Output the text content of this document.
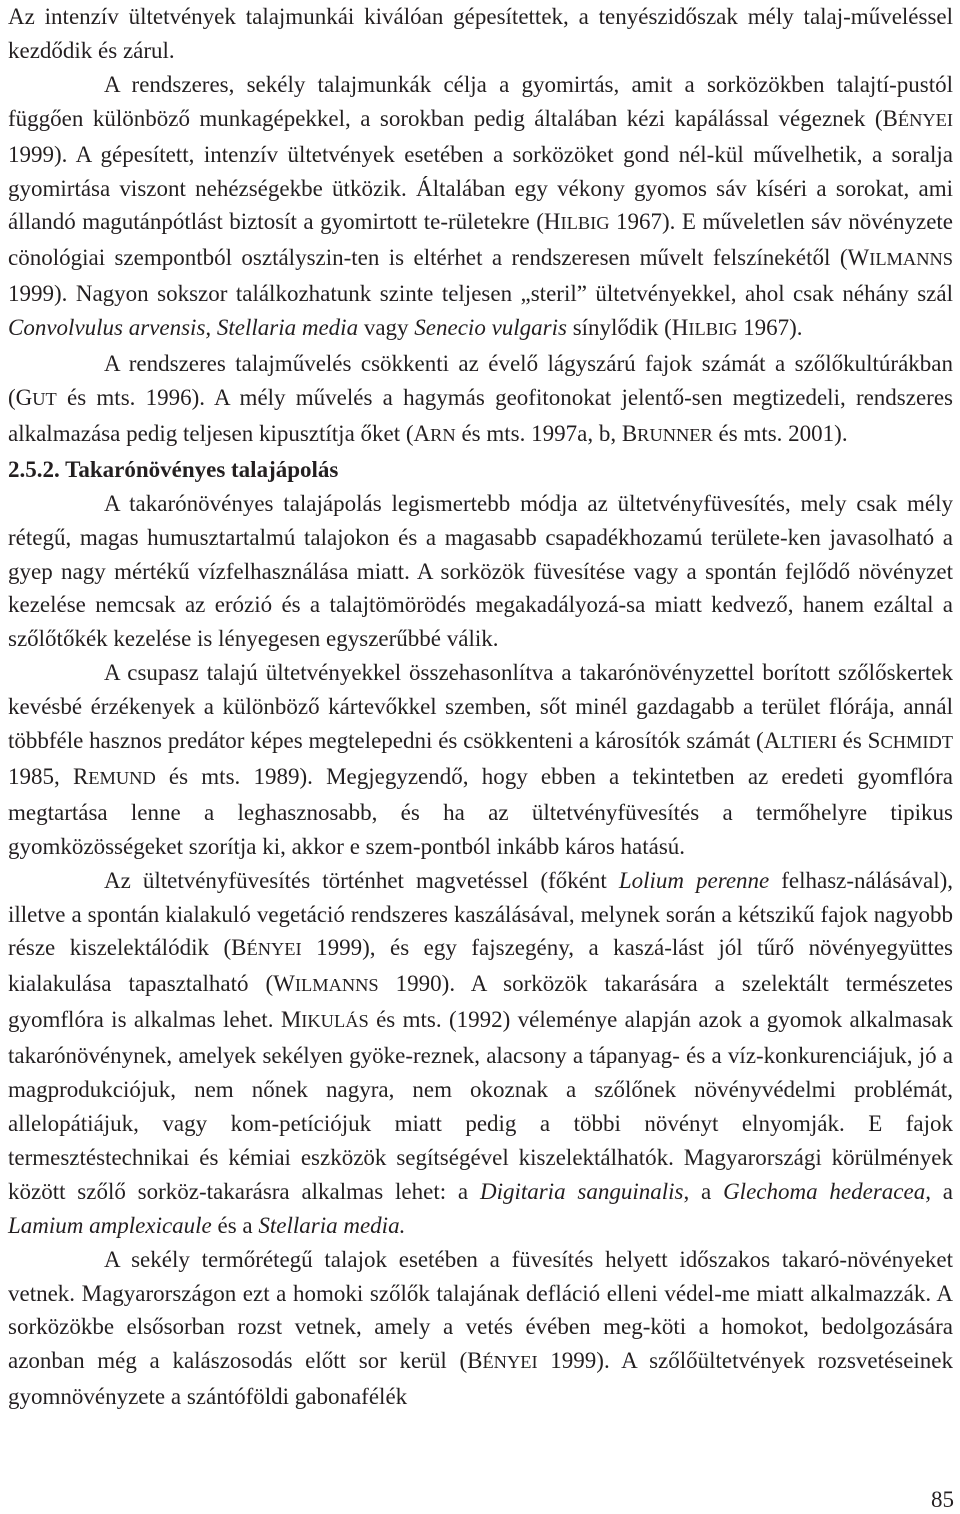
Az intenzív ültetvények talajmunkái kiválóan gépesítettek, a tenyészidőszak mély talaj-műveléssel kezdődik és zárul.

A rendszeres, sekély talajmunkák célja a gyomirtás, amit a sorközökben talajtí-pustól függően különböző munkagépekkel, a sorokban pedig általában kézi kapálással végeznek (BÉNYEI 1999). A gépesített, intenzív ültetvények esetében a sorközöket gond nél-kül művelhetik, a soralja gyomirtása viszont nehézségekbe ütközik. Általában egy vékony gyomos sáv kíséri a sorokat, ami állandó magutánpótlást biztosít a gyomirtott te-rületekre (HILBIG 1967). E műveletlen sáv növényzete cönológiai szempontból osztályszin-ten is eltérhet a rendszeresen művelt felszínekétől (WILMANNS 1999). Nagyon sokszor találkozhatunk szinte teljesen „steril” ültetvényekkel, ahol csak néhány szál Convolvulus arvensis, Stellaria media vagy Senecio vulgaris sínylődik (HILBIG 1967).

A rendszeres talajművelés csökkenti az évelő lágyszárú fajok számát a szőlőkultúrákban (GUT és mts. 1996). A mély művelés a hagymás geofitonokat jelentő-sen megtizedeli, rendszeres alkalmazása pedig teljesen kipusztítja őket (ARN és mts. 1997a, b, BRUNNER és mts. 2001).

2.5.2. Takarónövényes talajápolás

A takarónövényes talajápolás legismertebb módja az ültetvényfüvesítés, mely csak mély rétegű, magas humusztartalmú talajokon és a magasabb csapadékhozamú területe-ken javasolható a gyep nagy mértékű vízfelhasználása miatt. A sorközök füvesítése vagy a spontán fejlődő növényzet kezelése nemcsak az erózió és a talajtömörödés megakadályozá-sa miatt kedvező, hanem ezáltal a szőlőtőkék kezelése is lényegesen egyszerűbbé válik.

A csupasz talajú ültetvényekkel összehasonlítva a takarónövényzettel borított szőlőskertek kevésbé érzékenyek a különböző kártevőkkel szemben, sőt minél gazdagabb a terület flórája, annál többféle hasznos predátor képes megtelepedni és csökkenteni a károsítók számát (ALTIERI és SCHMIDT 1985, REMUND és mts. 1989). Megjegyzendő, hogy ebben a tekintetben az eredeti gyomflóra megtartása lenne a leghasznosabb, és ha az ültetvényfüvesítés a termőhelyre tipikus gyomközösségeket szorítja ki, akkor e szem-pontból inkább káros hatású.

Az ültetvényfüvesítés történhet magvetéssel (főként Lolium perenne felhasz-nálásával), illetve a spontán kialakuló vegetáció rendszeres kaszálásával, melynek során a kétszikű fajok nagyobb része kiszelektálódik (BÉNYEI 1999), és egy fajszegény, a kaszá-lást jól tűrő növényegyüttes kialakulása tapasztalható (WILMANNS 1990). A sorközök takarására a szelektált természetes gyomflóra is alkalmas lehet. MIKULÁS és mts. (1992) véleménye alapján azok a gyomok alkalmasak takarónövénynek, amelyek sekélyen gyöke-reznek, alacsony a tápanyag- és a víz-konkurenciájuk, jó a magprodukciójuk, nem nőnek nagyra, nem okoznak a szőlőnek növényvédelmi problémát, allelopátiájuk, vagy kom-petíciójuk miatt pedig a többi növényt elnyomják. E fajok termesztéstechnikai és kémiai eszközök segítségével kiszelektálhatók. Magyarországi körülmények között szőlő sorköz-takarásra alkalmas lehet: a Digitaria sanguinalis, a Glechoma hederacea, a Lamium amplexicaule és a Stellaria media.

A sekély termőrétegű talajok esetében a füvesítés helyett időszakos takaró-növényeket vetnek. Magyarországon ezt a homoki szőlők talajának defláció elleni védel-me miatt alkalmazzák. A sorközökbe elsősorban rozst vetnek, amely a vetés évében meg-köti a homokot, bedolgozására azonban még a kalászosodás előtt sor kerül (BÉNYEI 1999). A szőlőültetvények rozsvetéseinek gyomnövényzete a szántóföldi gabonafélék

85
